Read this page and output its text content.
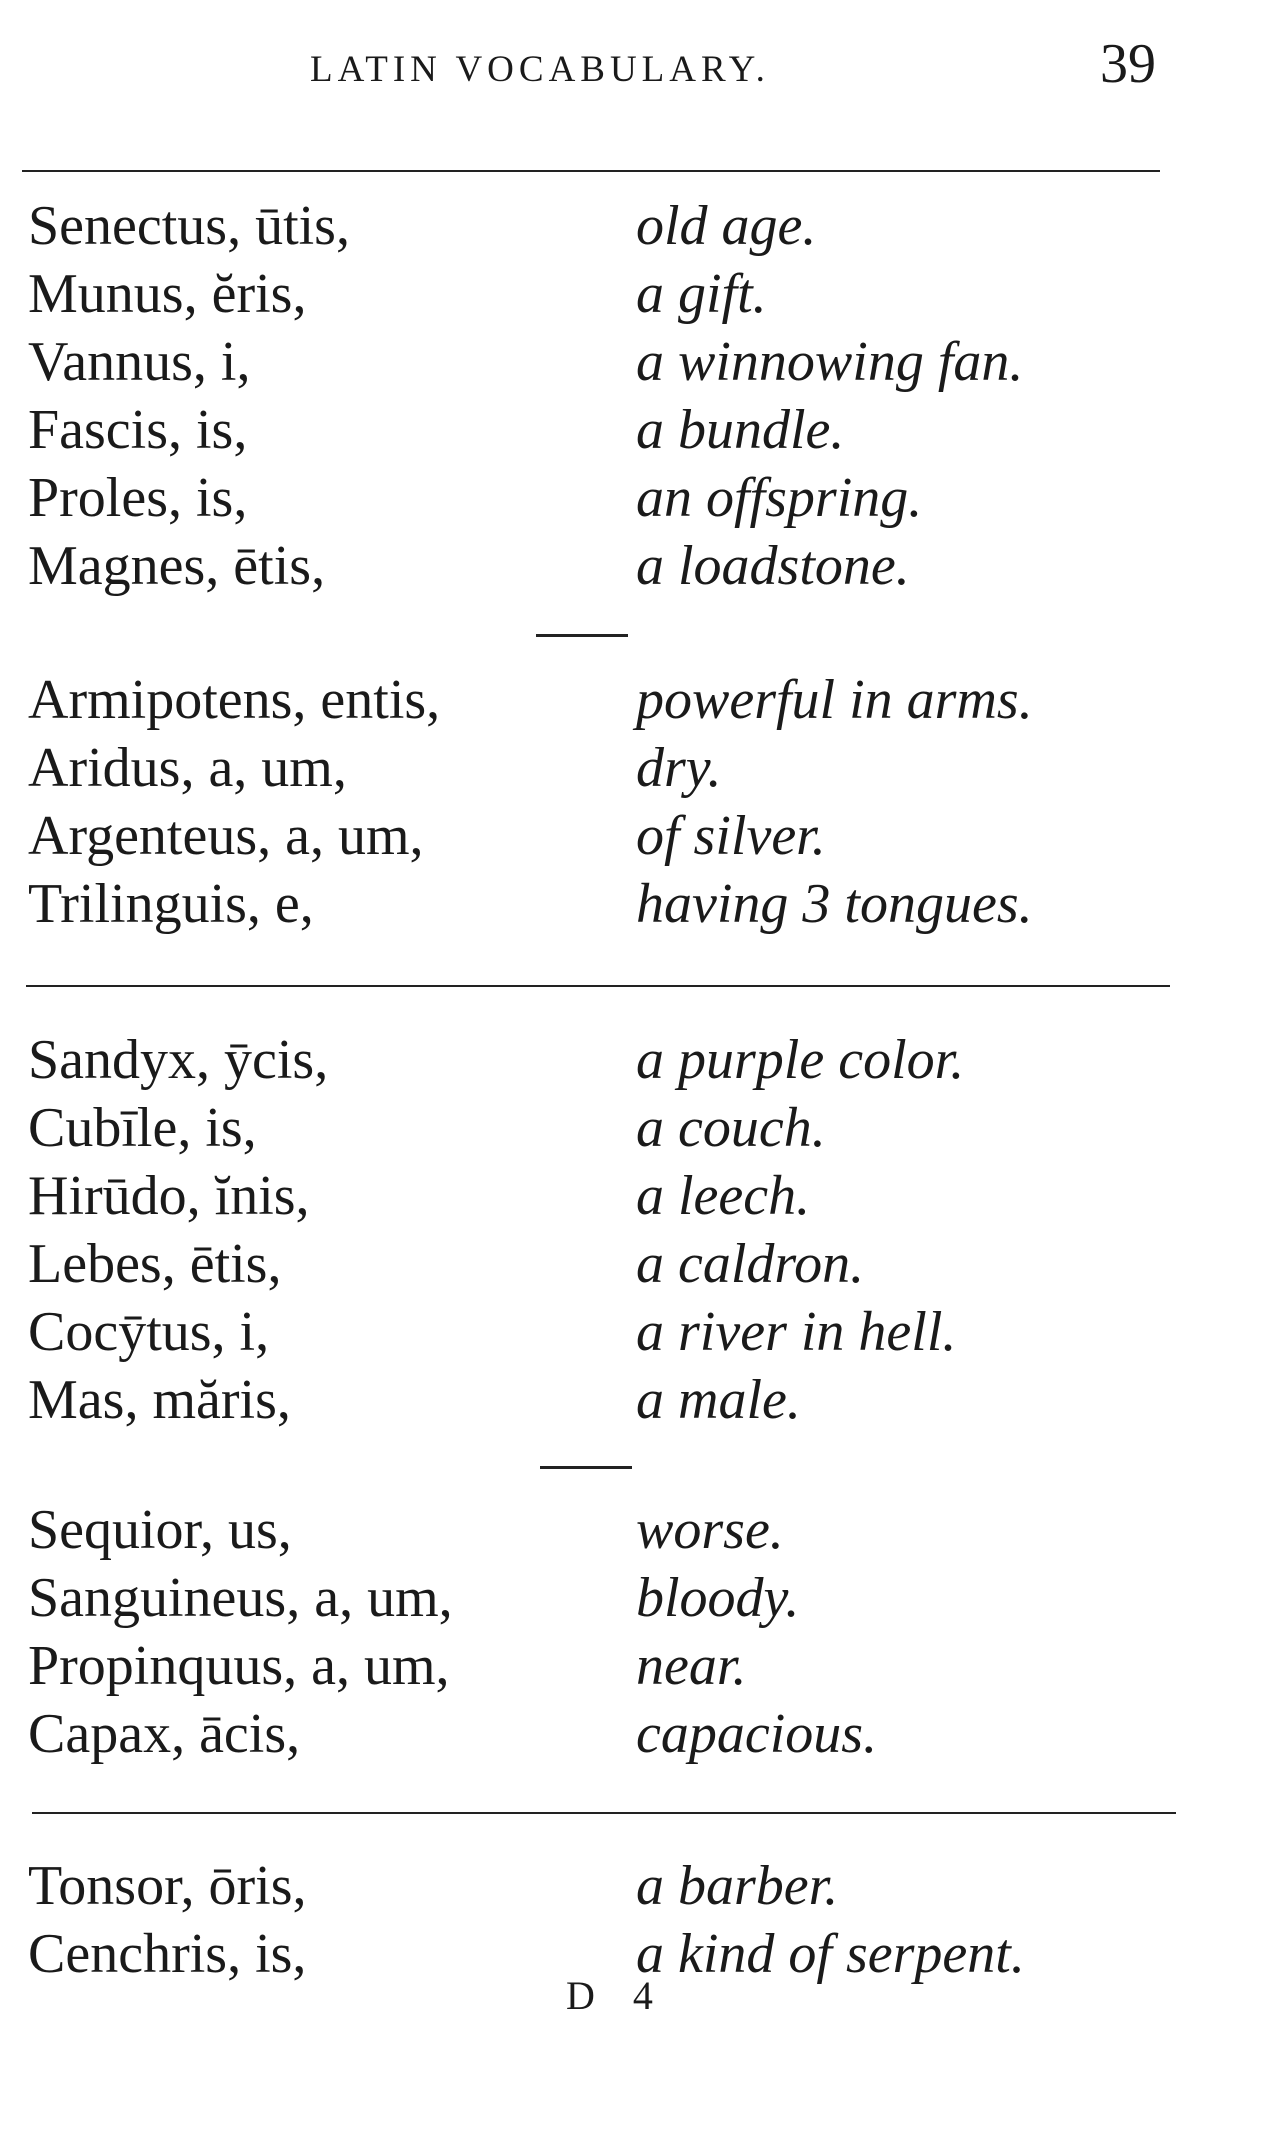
LATIN VOCABULARY.	39
Senectus, ūtis,	old age.
Munus, ĕris,	a gift.
Vannus, i,	a winnowing fan.
Fascis, is,	a bundle.
Proles, is,	an offspring.
Magnes, ētis,	a loadstone.
Armipotens, entis,	powerful in arms.
Aridus, a, um,	dry.
Argenteus, a, um,	of silver.
Trilinguis, e,	having 3 tongues.
Sandyx, ȳcis,	a purple color.
Cubīle, is,	a couch.
Hirūdo, ĭnis,	a leech.
Lebes, ētis,	a caldron.
Cocȳtus, i,	a river in hell.
Mas, măris,	a male.
Sequior, us,	worse.
Sanguineus, a, um,	bloody.
Propinquus, a, um,	near.
Capax, ācis,	capacious.
Tonsor, ōris,	a barber.
Cenchris, is,	a kind of serpent.
D 4
